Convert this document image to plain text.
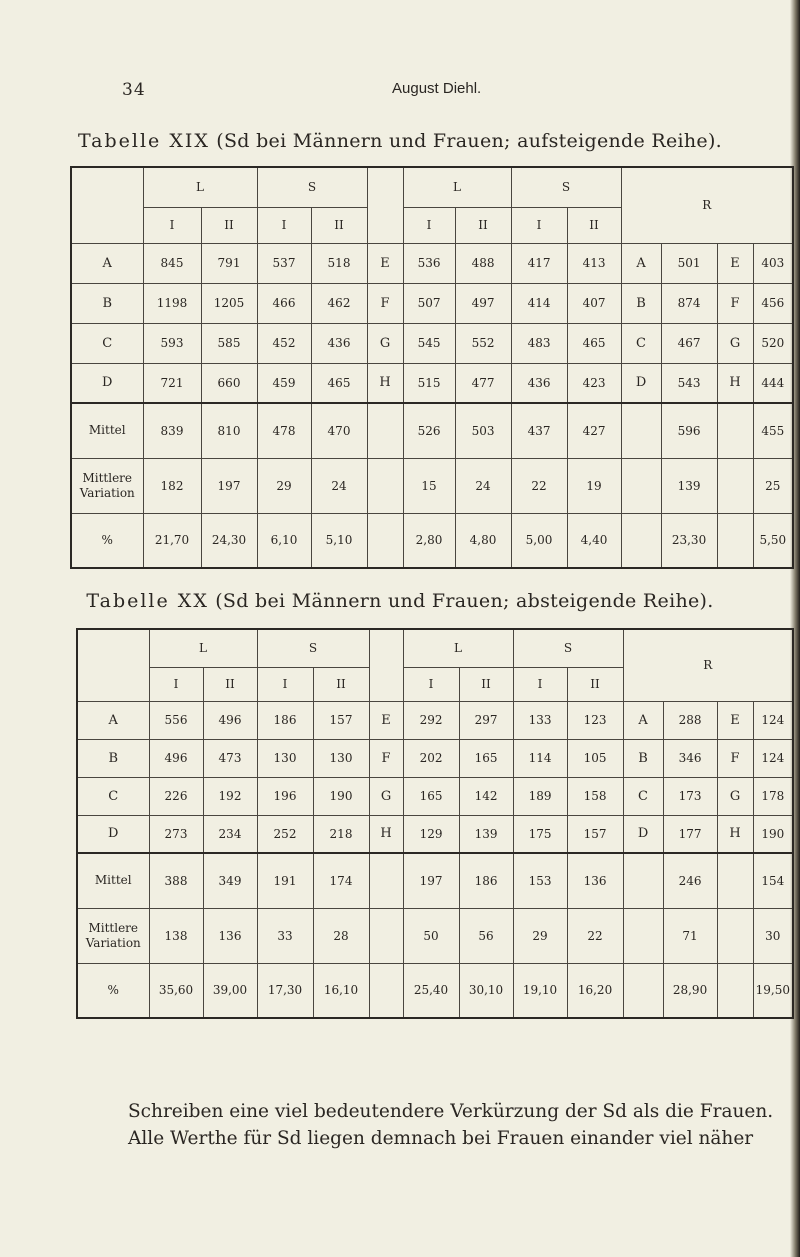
34	August Diehl.
Tabelle XIX (Sd bei Männern und Frauen; aufsteigende Reihe).
	L		S			L		S		R			
	I	II	I	II		I	II	I	II				
A	845	791	537	518	E	536	488	417	413	A	501	E	403
B	1198	1205	466	462	F	507	497	414	407	B	874	F	456
C	593	585	452	436	G	545	552	483	465	C	467	G	520
D	721	660	459	465	H	515	477	436	423	D	543	H	444
Mittel	839	810	478	470		526	503	437	427		596		455
Mittlere Variation	182	197	29	24		15	24	22	19		139		25
%	21,70	24,30	6,10	5,10		2,80	4,80	5,00	4,40		23,30		5,50
Tabelle XX (Sd bei Männern und Frauen; absteigende Reihe).
	L		S			L		S		R			
	I	II	I	II		I	II	I	II				
A	556	496	186	157	E	292	297	133	123	A	288	E	124
B	496	473	130	130	F	202	165	114	105	B	346	F	124
C	226	192	196	190	G	165	142	189	158	C	173	G	178
D	273	234	252	218	H	129	139	175	157	D	177	H	190
Mittel	388	349	191	174		197	186	153	136		246		154
Mittlere Variation	138	136	33	28		50	56	29	22		71		30
%	35,60	39,00	17,30	16,10		25,40	30,10	19,10	16,20		28,90		19,50

Schreiben eine viel bedeutendere Verkürzung der Sd als die Frauen. Alle Werthe für Sd liegen demnach bei Frauen einander viel näher
